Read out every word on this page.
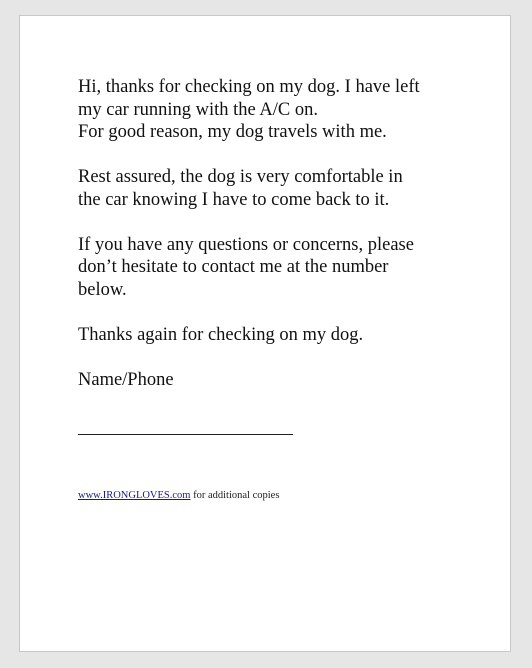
Hi, thanks for checking on my dog. I have left
my car running with the A/C on.
For good reason, my dog travels with me.

Rest assured, the dog is very comfortable in
the car knowing I have to come back to it.

If you have any questions or concerns, please
don’t hesitate to contact me at the number
below.

Thanks again for checking on my dog.

Name/Phone

www.IRONGLOVES.com for additional copies
